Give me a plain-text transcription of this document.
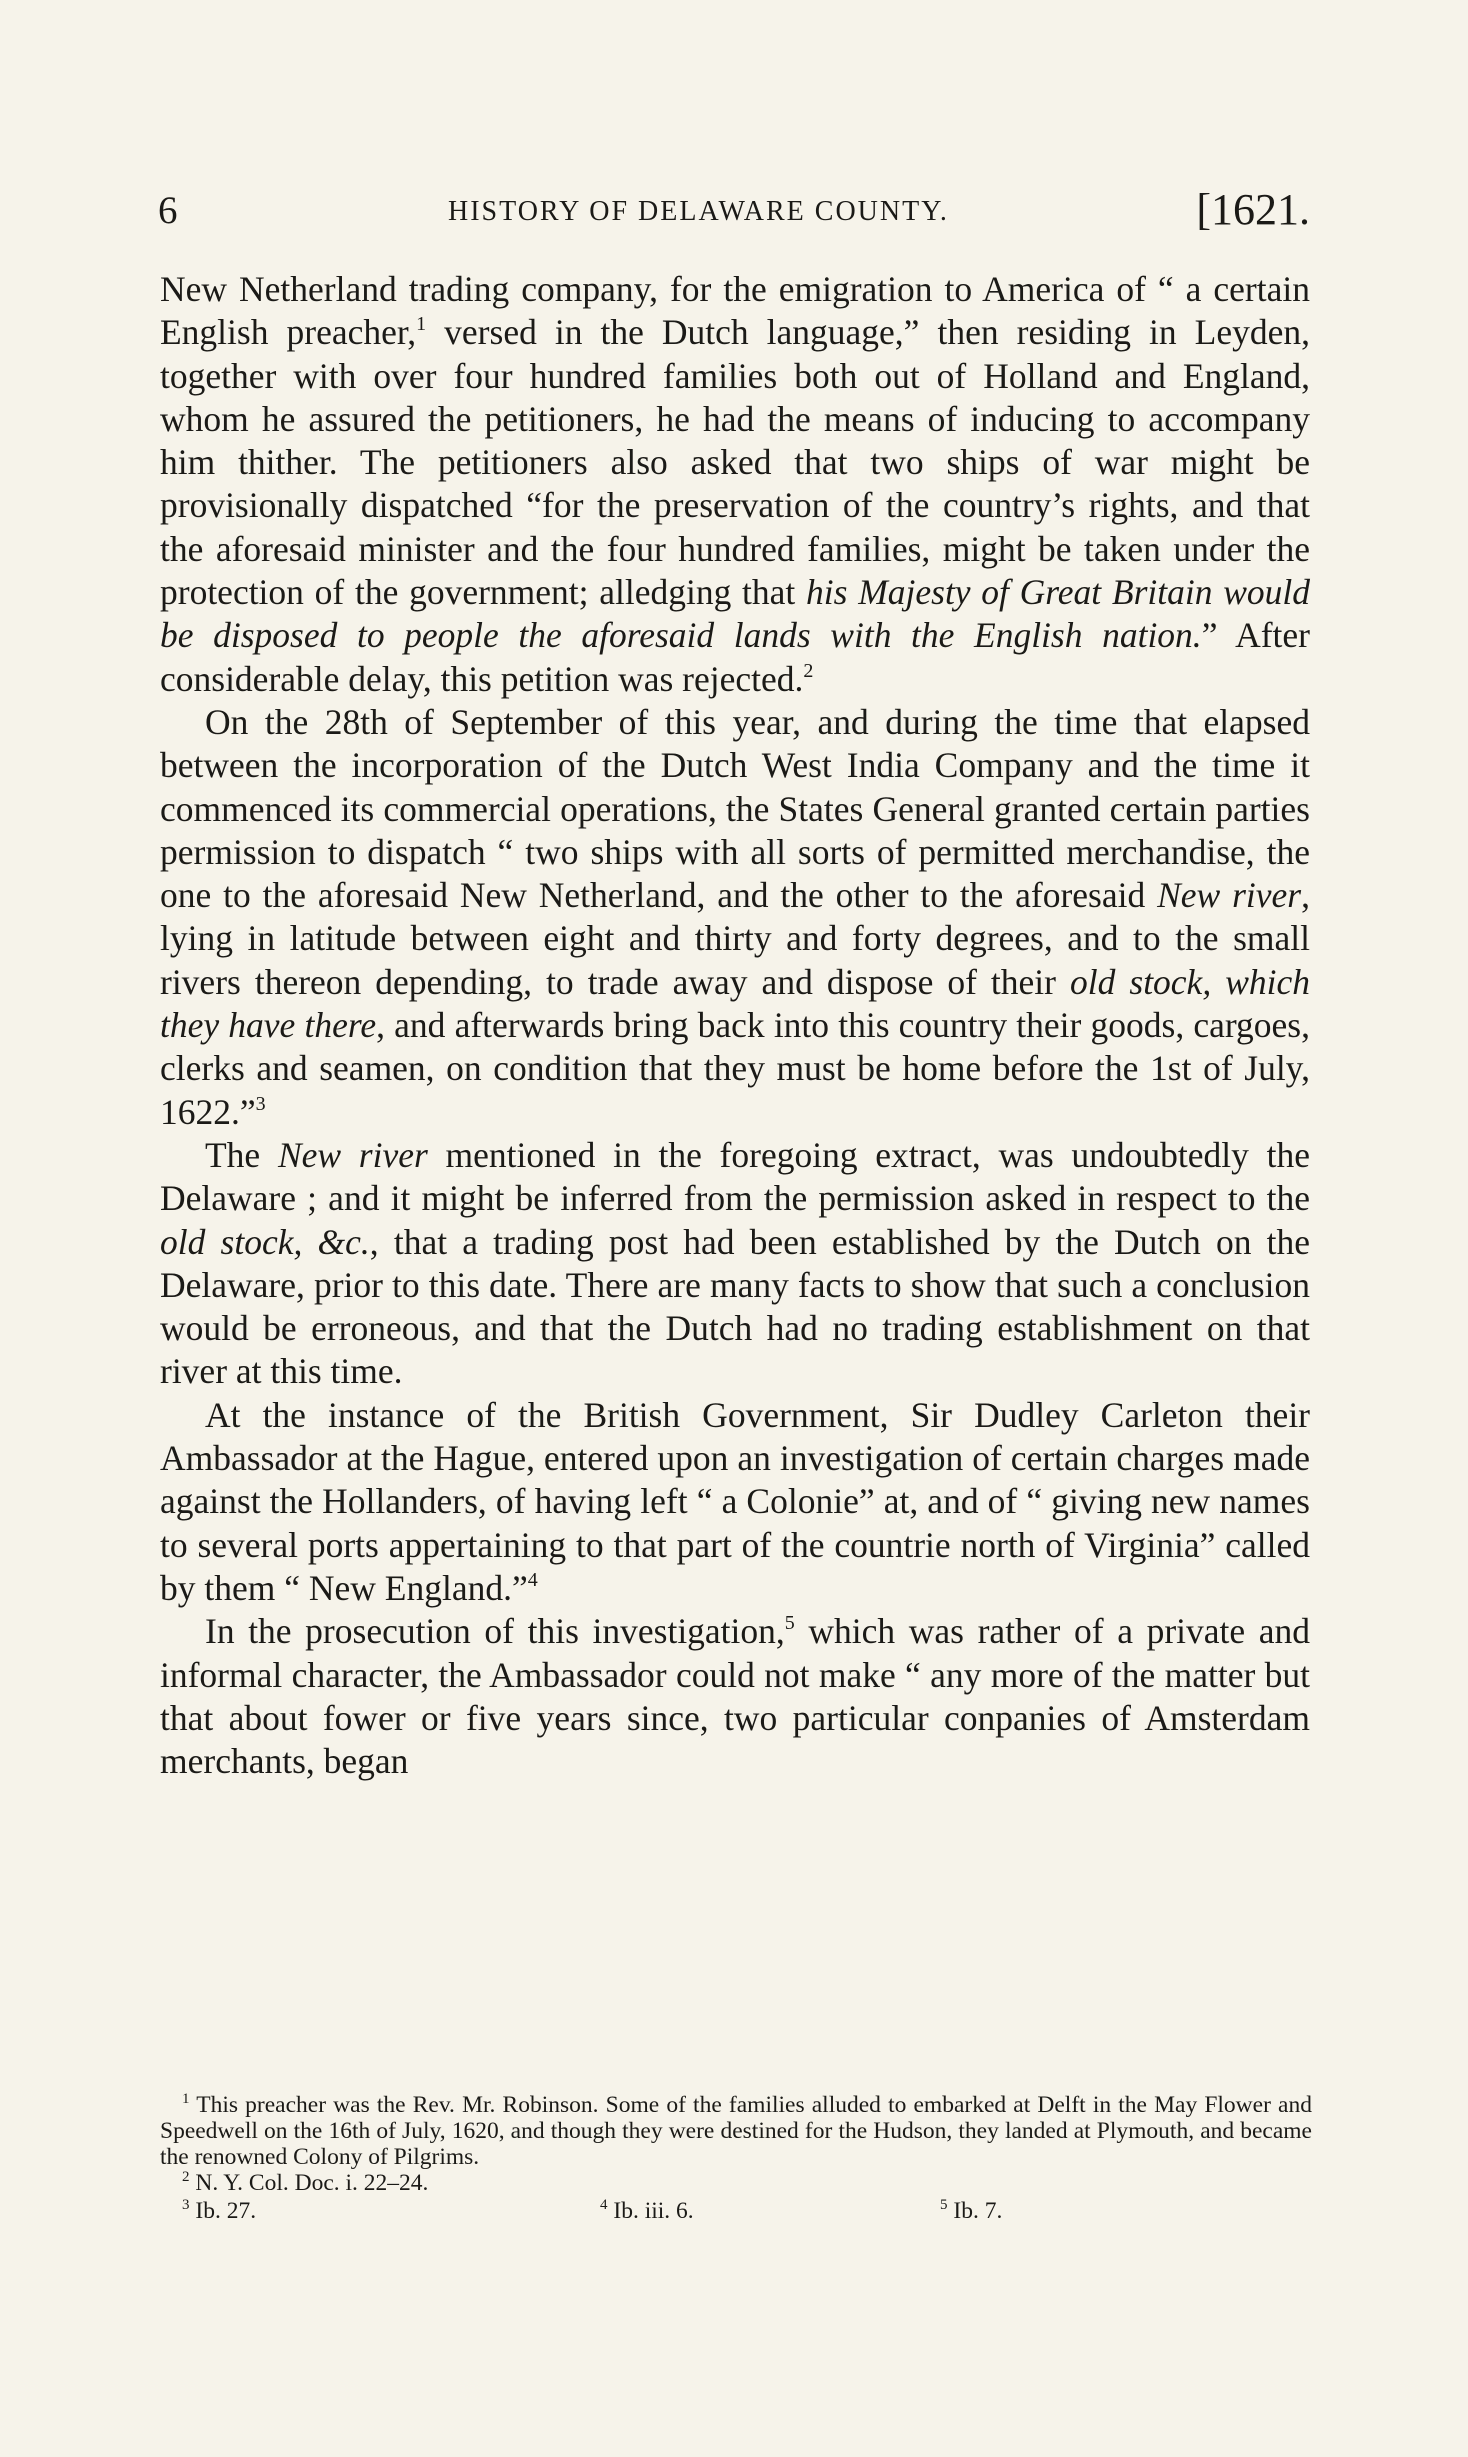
6	HISTORY OF DELAWARE COUNTY.	[1621.

New Netherland trading company, for the emigration to America of “ a certain English preacher,$^1$ versed in the Dutch language,” then residing in Leyden, together with over four hundred families both out of Holland and England, whom he assured the petitioners, he had the means of inducing to accompany him thither. The petitioners also asked that two ships of war might be provisionally dispatched “for the preservation of the country’s rights, and that the aforesaid minister and the four hundred families, might be taken under the protection of the government; alledging that his Majesty of Great Britain would be disposed to people the aforesaid lands with the English nation.” After considerable delay, this petition was rejected.$^2$

On the 28th of September of this year, and during the time that elapsed between the incorporation of the Dutch West India Company and the time it commenced its commercial operations, the States General granted certain parties permission to dispatch “ two ships with all sorts of permitted merchandise, the one to the aforesaid New Netherland, and the other to the aforesaid New river, lying in latitude between eight and thirty and forty degrees, and to the small rivers thereon depending, to trade away and dispose of their old stock, which they have there, and afterwards bring back into this country their goods, cargoes, clerks and seamen, on condition that they must be home before the 1st of July, 1622.”$^3$

The New river mentioned in the foregoing extract, was undoubtedly the Delaware ; and it might be inferred from the permission asked in respect to the old stock, &c., that a trading post had been established by the Dutch on the Delaware, prior to this date. There are many facts to show that such a conclusion would be erroneous, and that the Dutch had no trading establishment on that river at this time.

At the instance of the British Government, Sir Dudley Carleton their Ambassador at the Hague, entered upon an investigation of certain charges made against the Hollanders, of having left “ a Colonie” at, and of “ giving new names to several ports appertaining to that part of the countrie north of Virginia” called by them “ New England.”$^4$

In the prosecution of this investigation,$^5$ which was rather of a private and informal character, the Ambassador could not make “ any more of the matter but that about fower or five years since, two particular conpanies of Amsterdam merchants, began

$^1$ This preacher was the Rev. Mr. Robinson. Some of the families alluded to embarked at Delft in the May Flower and Speedwell on the 16th of July, 1620, and though they were destined for the Hudson, they landed at Plymouth, and became the renowned Colony of Pilgrims.

$^2$ N. Y. Col. Doc. i. 22–24.

$^3$ Ib. 27.	$^4$ Ib. iii. 6.	$^5$ Ib. 7.
